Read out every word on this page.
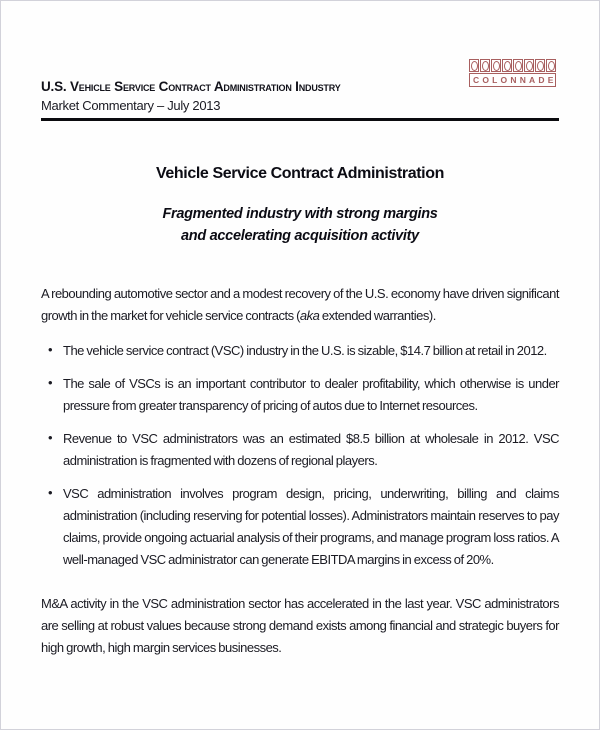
U.S. Vehicle Service Contract Administration Industry
Market Commentary – July 2013
COLONNADE
Vehicle Service Contract Administration
Fragmented industry with strong margins
and accelerating acquisition activity

A rebounding automotive sector and a modest recovery of the U.S. economy have driven significant growth in the market for vehicle service contracts (aka extended warranties).

• The vehicle service contract (VSC) industry in the U.S. is sizable, $14.7 billion at retail in 2012.
• The sale of VSCs is an important contributor to dealer profitability, which otherwise is under pressure from greater transparency of pricing of autos due to Internet resources.
• Revenue to VSC administrators was an estimated $8.5 billion at wholesale in 2012. VSC administration is fragmented with dozens of regional players.
• VSC administration involves program design, pricing, underwriting, billing and claims administration (including reserving for potential losses). Administrators maintain reserves to pay claims, provide ongoing actuarial analysis of their programs, and manage program loss ratios. A well-managed VSC administrator can generate EBITDA margins in excess of 20%.

M&A activity in the VSC administration sector has accelerated in the last year. VSC administrators are selling at robust values because strong demand exists among financial and strategic buyers for high growth, high margin services businesses.
